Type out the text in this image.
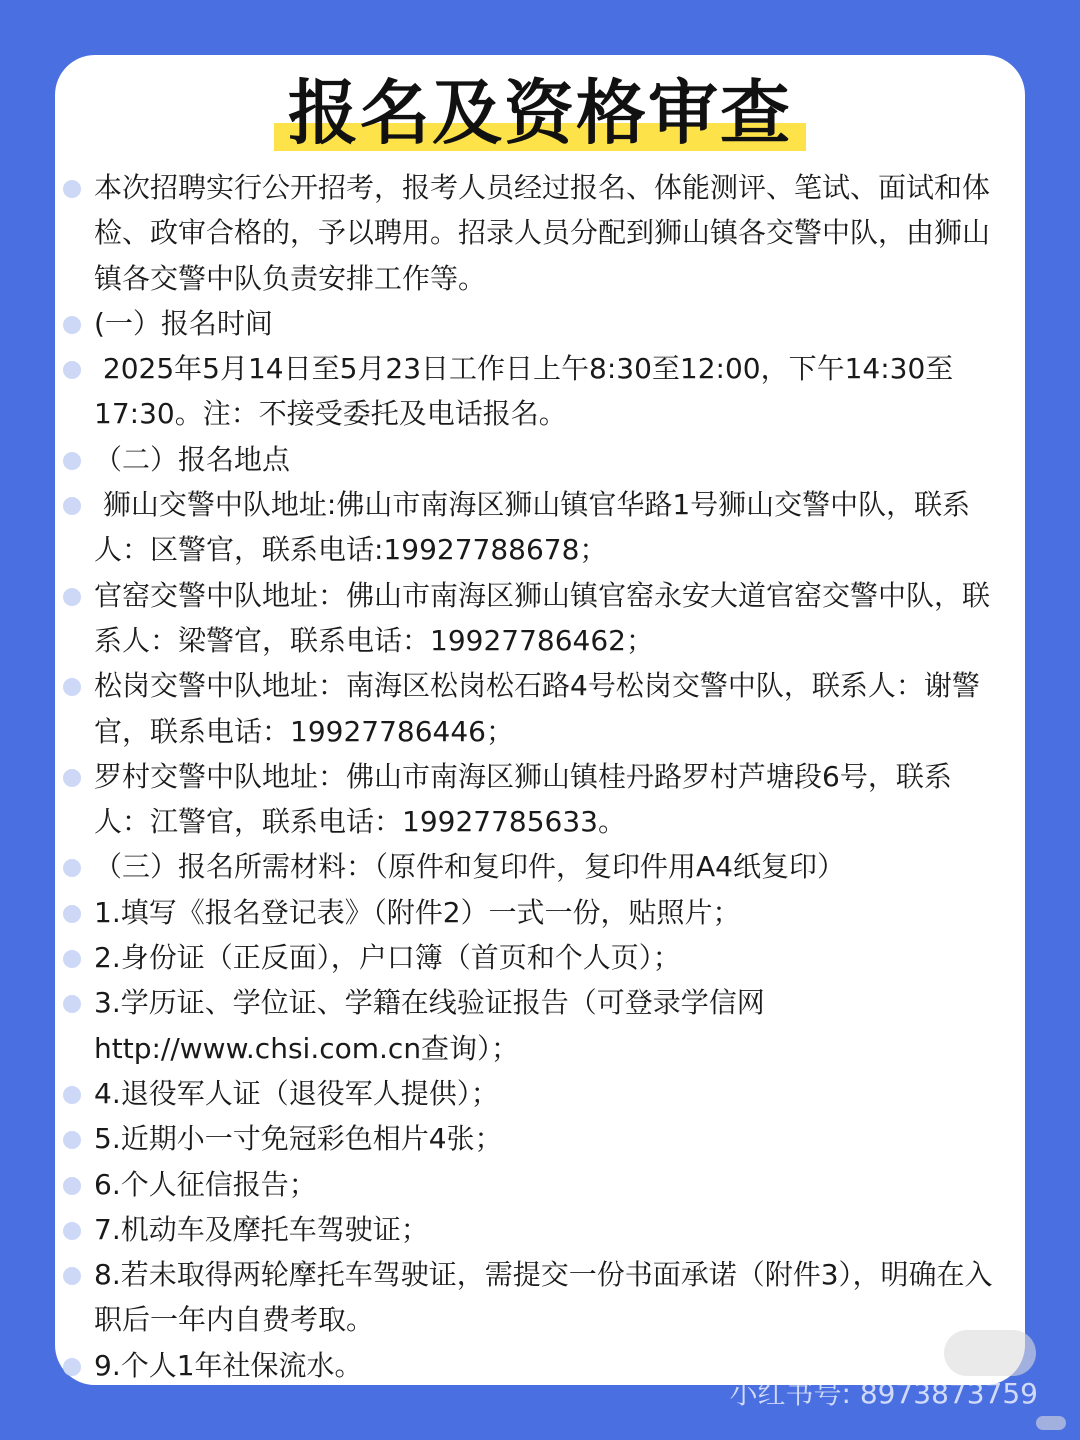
报名及资格审查
本次招聘实行公开招考，报考人员经过报名、体能测评、笔试、面试和体检、政审合格的，予以聘用。招录人员分配到狮山镇各交警中队，由狮山镇各交警中队负责安排工作等。
(一）报名时间
2025年5月14日至5月23日工作日上午8:30至12:00，下午14:30至17:30。注：不接受委托及电话报名。
（二）报名地点
狮山交警中队地址:佛山市南海区狮山镇官华路1号狮山交警中队，联系人：区警官，联系电话:19927788678；
官窑交警中队地址：佛山市南海区狮山镇官窑永安大道官窑交警中队，联系人：梁警官，联系电话：19927786462；
松岗交警中队地址：南海区松岗松石路4号松岗交警中队，联系人：谢警官，联系电话：19927786446；
罗村交警中队地址：佛山市南海区狮山镇桂丹路罗村芦塘段6号，联系人：江警官，联系电话：19927785633。
（三）报名所需材料：（原件和复印件，复印件用A4纸复印）
1.填写《报名登记表》（附件2）一式一份，贴照片；
2.身份证（正反面），户口簿（首页和个人页）；
3.学历证、学位证、学籍在线验证报告（可登录学信网http://www.chsi.com.cn查询）；
4.退役军人证（退役军人提供）；
5.近期小一寸免冠彩色相片4张；
6.个人征信报告；
7.机动车及摩托车驾驶证；
8.若未取得两轮摩托车驾驶证，需提交一份书面承诺（附件3），明确在入职后一年内自费考取。
9.个人1年社保流水。
小红书号: 8973873759
